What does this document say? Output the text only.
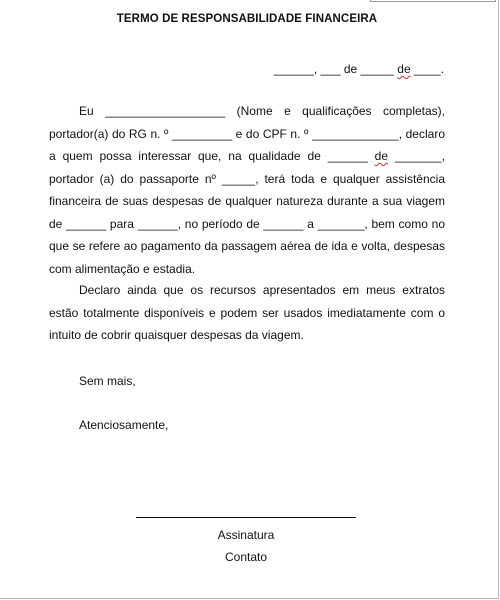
TERMO DE RESPONSABILIDADE FINANCEIRA
______, ___ de _____ de ____.

Eu __________________ (Nome e qualificações completas), portador(a) do RG n. º _________ e do CPF n. º _____________, declaro a quem possa interessar que, na qualidade de ______ de _______, portador (a) do passaporte nº _____, terá toda e qualquer assistência financeira de suas despesas de qualquer natureza durante a sua viagem de ______ para ______, no período de ______ a _______, bem como no que se refere ao pagamento da passagem aérea de ida e volta, despesas com alimentação e estadia.

Declaro ainda que os recursos apresentados em meus extratos estão totalmente disponíveis e podem ser usados imediatamente com o intuito de cobrir quaisquer despesas da viagem.

Sem mais,
Atenciosamente,
Assinatura
Contato
